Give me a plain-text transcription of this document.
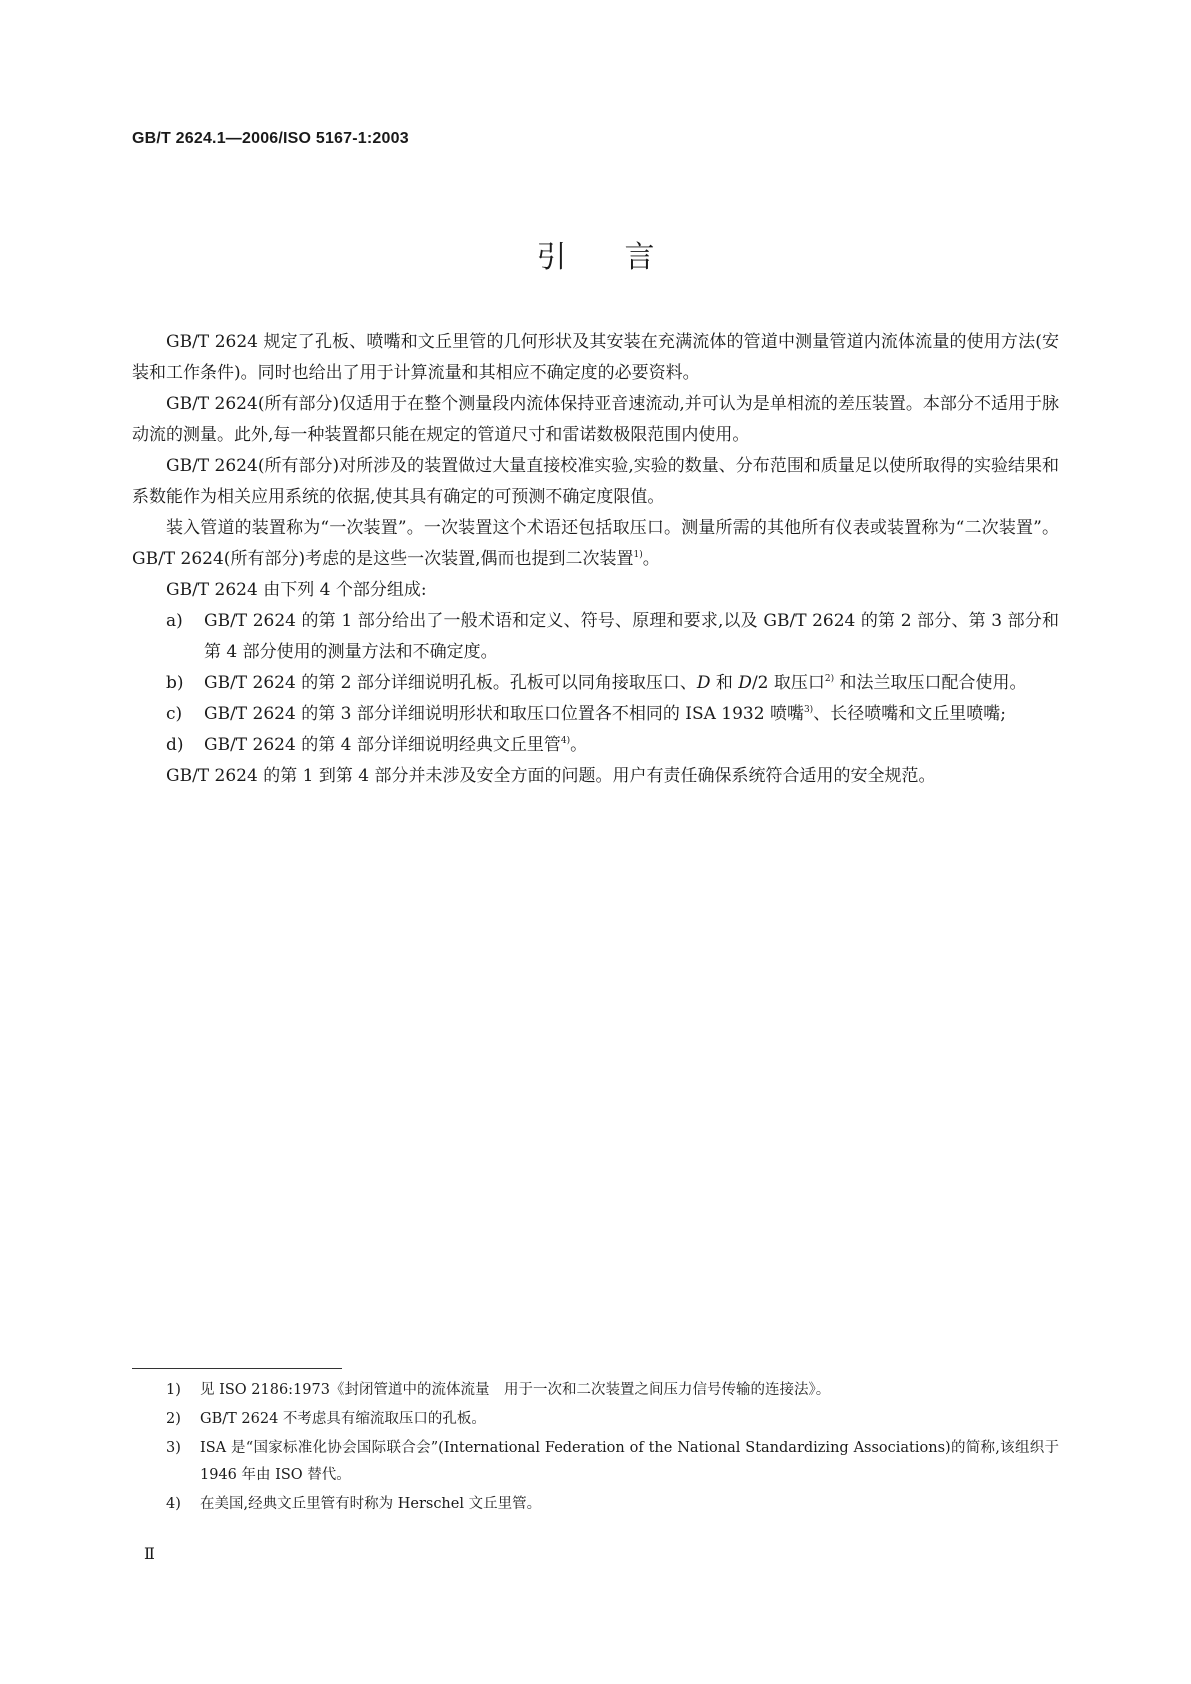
GB/T 2624.1—2006/ISO 5167-1:2003
引言

GB/T 2624 规定了孔板、喷嘴和文丘里管的几何形状及其安装在充满流体的管道中测量管道内流体流量的使用方法(安装和工作条件)。同时也给出了用于计算流量和其相应不确定度的必要资料。

GB/T 2624(所有部分)仅适用于在整个测量段内流体保持亚音速流动,并可认为是单相流的差压装置。本部分不适用于脉动流的测量。此外,每一种装置都只能在规定的管道尺寸和雷诺数极限范围内使用。

GB/T 2624(所有部分)对所涉及的装置做过大量直接校准实验,实验的数量、分布范围和质量足以使所取得的实验结果和系数能作为相关应用系统的依据,使其具有确定的可预测不确定度限值。

装入管道的装置称为“一次装置”。一次装置这个术语还包括取压口。测量所需的其他所有仪表或装置称为“二次装置”。GB/T 2624(所有部分)考虑的是这些一次装置,偶而也提到二次装置$^{1)}$。

GB/T 2624 由下列 4 个部分组成:

a)	GB/T 2624 的第 1 部分给出了一般术语和定义、符号、原理和要求,以及 GB/T 2624 的第 2 部分、第 3 部分和第 4 部分使用的测量方法和不确定度。
b)	GB/T 2624 的第 2 部分详细说明孔板。孔板可以同角接取压口、D 和 D/2 取压口$^{2)}$ 和法兰取压口配合使用。
c)	GB/T 2624 的第 3 部分详细说明形状和取压口位置各不相同的 ISA 1932 喷嘴$^{3)}$、长径喷嘴和文丘里喷嘴;
d)	GB/T 2624 的第 4 部分详细说明经典文丘里管$^{4)}$。

GB/T 2624 的第 1 到第 4 部分并未涉及安全方面的问题。用户有责任确保系统符合适用的安全规范。

1)	见 ISO 2186:1973《封闭管道中的流体流量　用于一次和二次装置之间压力信号传输的连接法》。
2)	GB/T 2624 不考虑具有缩流取压口的孔板。
3)	ISA 是“国家标准化协会国际联合会”(International Federation of the National Standardizing Associations)的简称,该组织于 1946 年由 ISO 替代。
4)	在美国,经典文丘里管有时称为 Herschel 文丘里管。
Ⅱ
